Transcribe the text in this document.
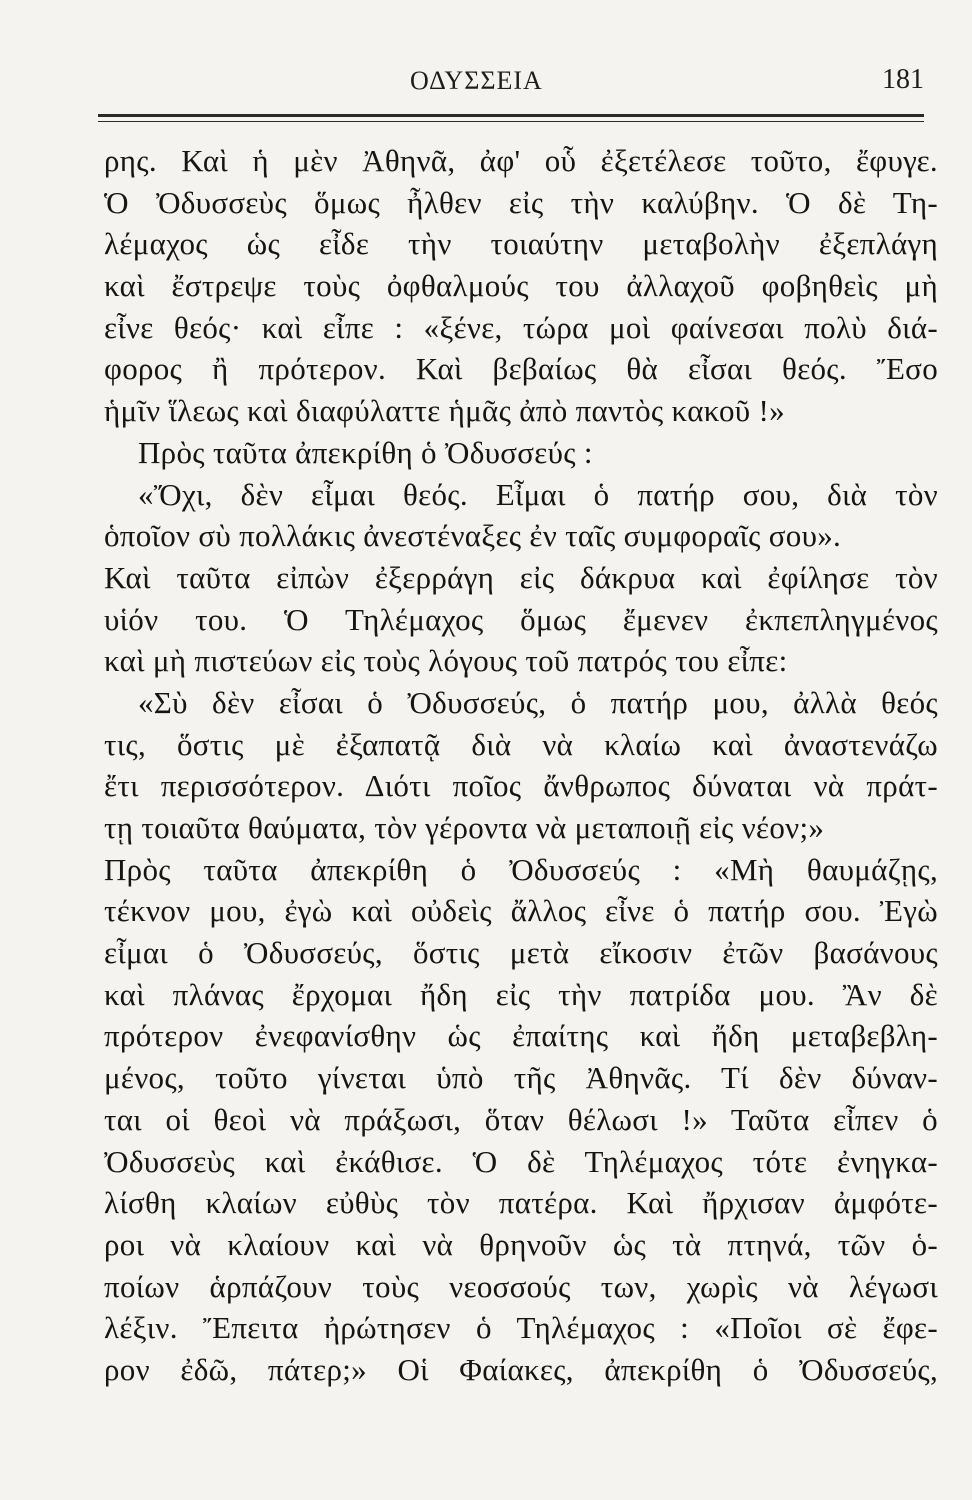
ΟΔΥΣΣΕΙΑ	181
ρης. Καὶ ἡ μὲν Ἀθηνᾶ, ἀφ' οὗ ἐξετέλεσε τοῦτο, ἔφυγε.
Ὁ Ὀδυσσεὺς ὅμως ἦλθεν εἰς τὴν καλύβην. Ὁ δὲ Τη-
λέμαχος ὡς εἶδε τὴν τοιαύτην μεταβολὴν ἐξεπλάγη
καὶ ἔστρεψε τοὺς ὀφθαλμούς του ἀλλαχοῦ φοβηθεὶς μὴ
εἶνε θεός· καὶ εἶπε : «ξένε, τώρα μοὶ φαίνεσαι πολὺ διά-
φορος ἢ πρότερον. Καὶ βεβαίως θὰ εἶσαι θεός. Ἔσο
ἡμῖν ἵλεως καὶ διαφύλαττε ἡμᾶς ἀπὸ παντὸς κακοῦ !»
Πρὸς ταῦτα ἀπεκρίθη ὁ Ὀδυσσεύς :
«Ὄχι, δὲν εἶμαι θεός. Εἶμαι ὁ πατήρ σου, διὰ τὸν
ὁποῖον σὺ πολλάκις ἀνεστέναξες ἐν ταῖς συμφοραῖς σου».
Καὶ ταῦτα εἰπὼν ἐξερράγη εἰς δάκρυα καὶ ἐφίλησε τὸν
υἱόν του. Ὁ Τηλέμαχος ὅμως ἔμενεν ἐκπεπληγμένος
καὶ μὴ πιστεύων εἰς τοὺς λόγους τοῦ πατρός του εἶπε:
«Σὺ δὲν εἶσαι ὁ Ὀδυσσεύς, ὁ πατήρ μου, ἀλλὰ θεός
τις, ὅστις μὲ ἐξαπατᾷ διὰ νὰ κλαίω καὶ ἀναστενάζω
ἔτι περισσότερον. Διότι ποῖος ἄνθρωπος δύναται νὰ πράτ-
τῃ τοιαῦτα θαύματα, τὸν γέροντα νὰ μεταποιῇ εἰς νέον;»
Πρὸς ταῦτα ἀπεκρίθη ὁ Ὀδυσσεύς : «Μὴ θαυμάζῃς,
τέκνον μου, ἐγὼ καὶ οὐδεὶς ἄλλος εἶνε ὁ πατήρ σου. Ἐγὼ
εἶμαι ὁ Ὀδυσσεύς, ὅστις μετὰ εἴκοσιν ἐτῶν βασάνους
καὶ πλάνας ἔρχομαι ἤδη εἰς τὴν πατρίδα μου. Ἂν δὲ
πρότερον ἐνεφανίσθην ὡς ἐπαίτης καὶ ἤδη μεταβεβλη-
μένος, τοῦτο γίνεται ὑπὸ τῆς Ἀθηνᾶς. Τί δὲν δύναν-
ται οἱ θεοὶ νὰ πράξωσι, ὅταν θέλωσι !» Ταῦτα εἶπεν ὁ
Ὀδυσσεὺς καὶ ἐκάθισε. Ὁ δὲ Τηλέμαχος τότε ἐνηγκα-
λίσθη κλαίων εὐθὺς τὸν πατέρα. Καὶ ἤρχισαν ἀμφότε-
ροι νὰ κλαίουν καὶ νὰ θρηνοῦν ὡς τὰ πτηνά, τῶν ὁ-
ποίων ἁρπάζουν τοὺς νεοσσούς των, χωρὶς νὰ λέγωσι
λέξιν. Ἔπειτα ἠρώτησεν ὁ Τηλέμαχος : «Ποῖοι σὲ ἔφε-
ρον ἐδῶ, πάτερ;» Οἱ Φαίακες, ἀπεκρίθη ὁ Ὀδυσσεύς,
